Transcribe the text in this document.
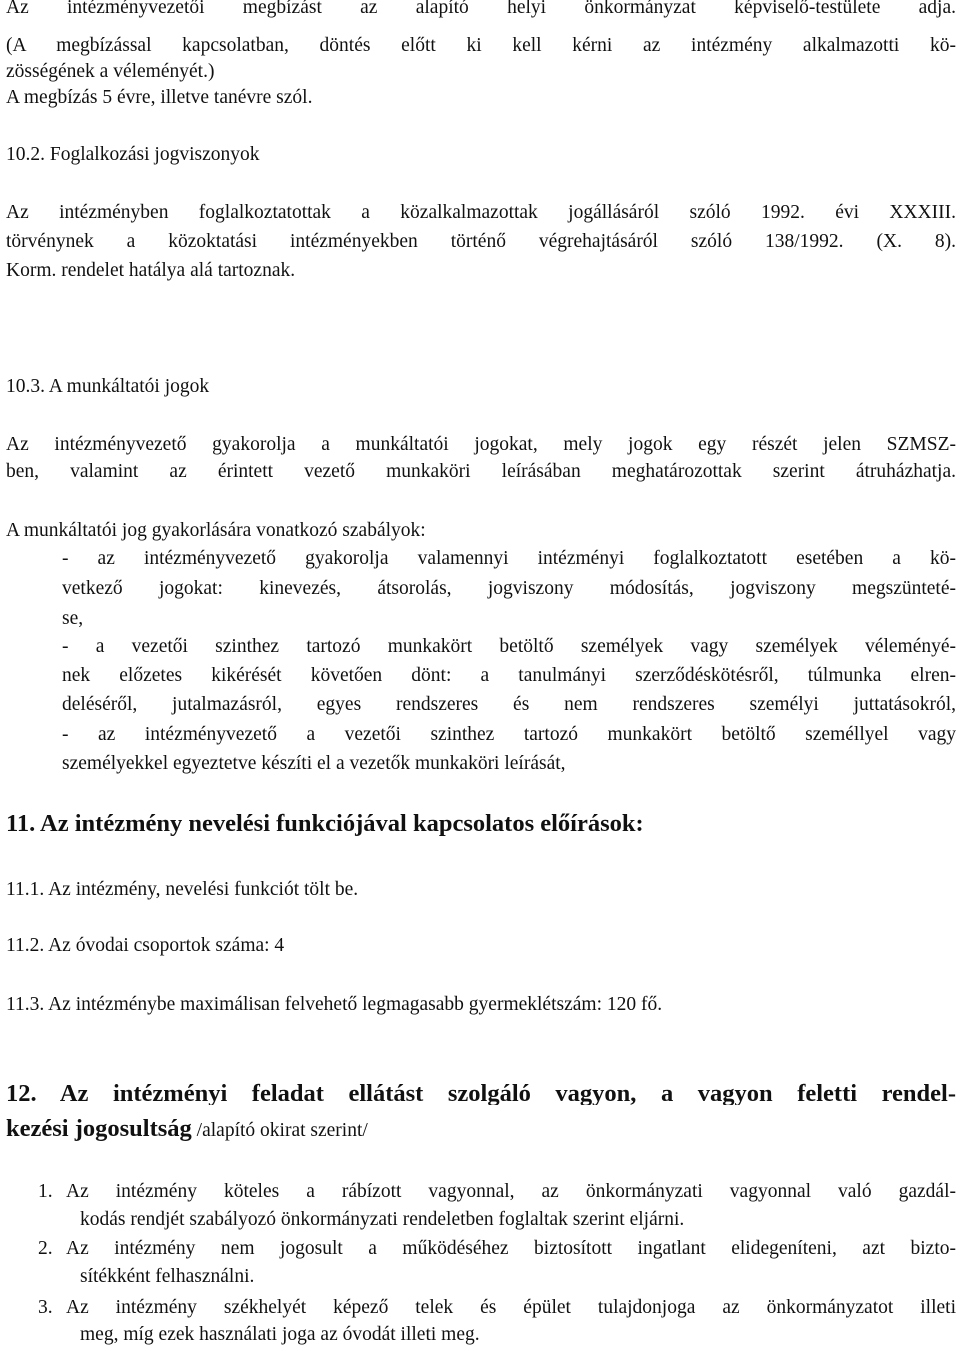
Az intézményvezetői megbízást az alapító helyi önkormányzat képviselő-testülete adja.
(A megbízással kapcsolatban, döntés előtt ki kell kérni az intézmény alkalmazotti kö-
zösségének a véleményét.)
A megbízás 5 évre, illetve tanévre szól.
10.2. Foglalkozási jogviszonyok
Az intézményben foglalkoztatottak a közalkalmazottak jogállásáról szóló 1992. évi XXXIII.
törvénynek a közoktatási intézményekben történő végrehajtásáról szóló 138/1992. (X. 8).
Korm. rendelet hatálya alá tartoznak.
10.3. A munkáltatói jogok
Az intézményvezető gyakorolja a munkáltatói jogokat, mely jogok egy részét jelen SZMSZ-
ben, valamint az érintett vezető munkaköri leírásában meghatározottak szerint átruházhatja.
A munkáltatói jog gyakorlására vonatkozó szabályok:
- az intézményvezető gyakorolja valamennyi intézményi foglalkoztatott esetében a kö-
vetkező jogokat: kinevezés, átsorolás, jogviszony módosítás, jogviszony megszünteté-
se,
- a vezetői szinthez tartozó munkakört betöltő személyek vagy személyek véleményé-
nek előzetes kikérését követően dönt: a tanulmányi szerződéskötésről, túlmunka elren-
deléséről, jutalmazásról, egyes rendszeres és nem rendszeres személyi juttatásokról,
- az intézményvezető a vezetői szinthez tartozó munkakört betöltő személlyel vagy
személyekkel egyeztetve készíti el a vezetők munkaköri leírását,
11. Az intézmény nevelési funkciójával kapcsolatos előírások:
11.1. Az intézmény, nevelési funkciót tölt be.
11.2. Az óvodai csoportok száma: 4
11.3. Az intézménybe maximálisan felvehető legmagasabb gyermeklétszám: 120 fő.
12. Az intézményi feladat ellátást szolgáló vagyon, a vagyon feletti rendel-
kezési jogosultság /alapító okirat szerint/
1. Az intézmény köteles a rábízott vagyonnal, az önkormányzati vagyonnal való gazdál-
kodás rendjét szabályozó önkormányzati rendeletben foglaltak szerint eljárni.
2. Az intézmény nem jogosult a működéséhez biztosított ingatlant elidegeníteni, azt bizto-
sítékként felhasználni.
3. Az intézmény székhelyét képező telek és épület tulajdonjoga az önkormányzatot illeti
meg, míg ezek használati joga az óvodát illeti meg.
